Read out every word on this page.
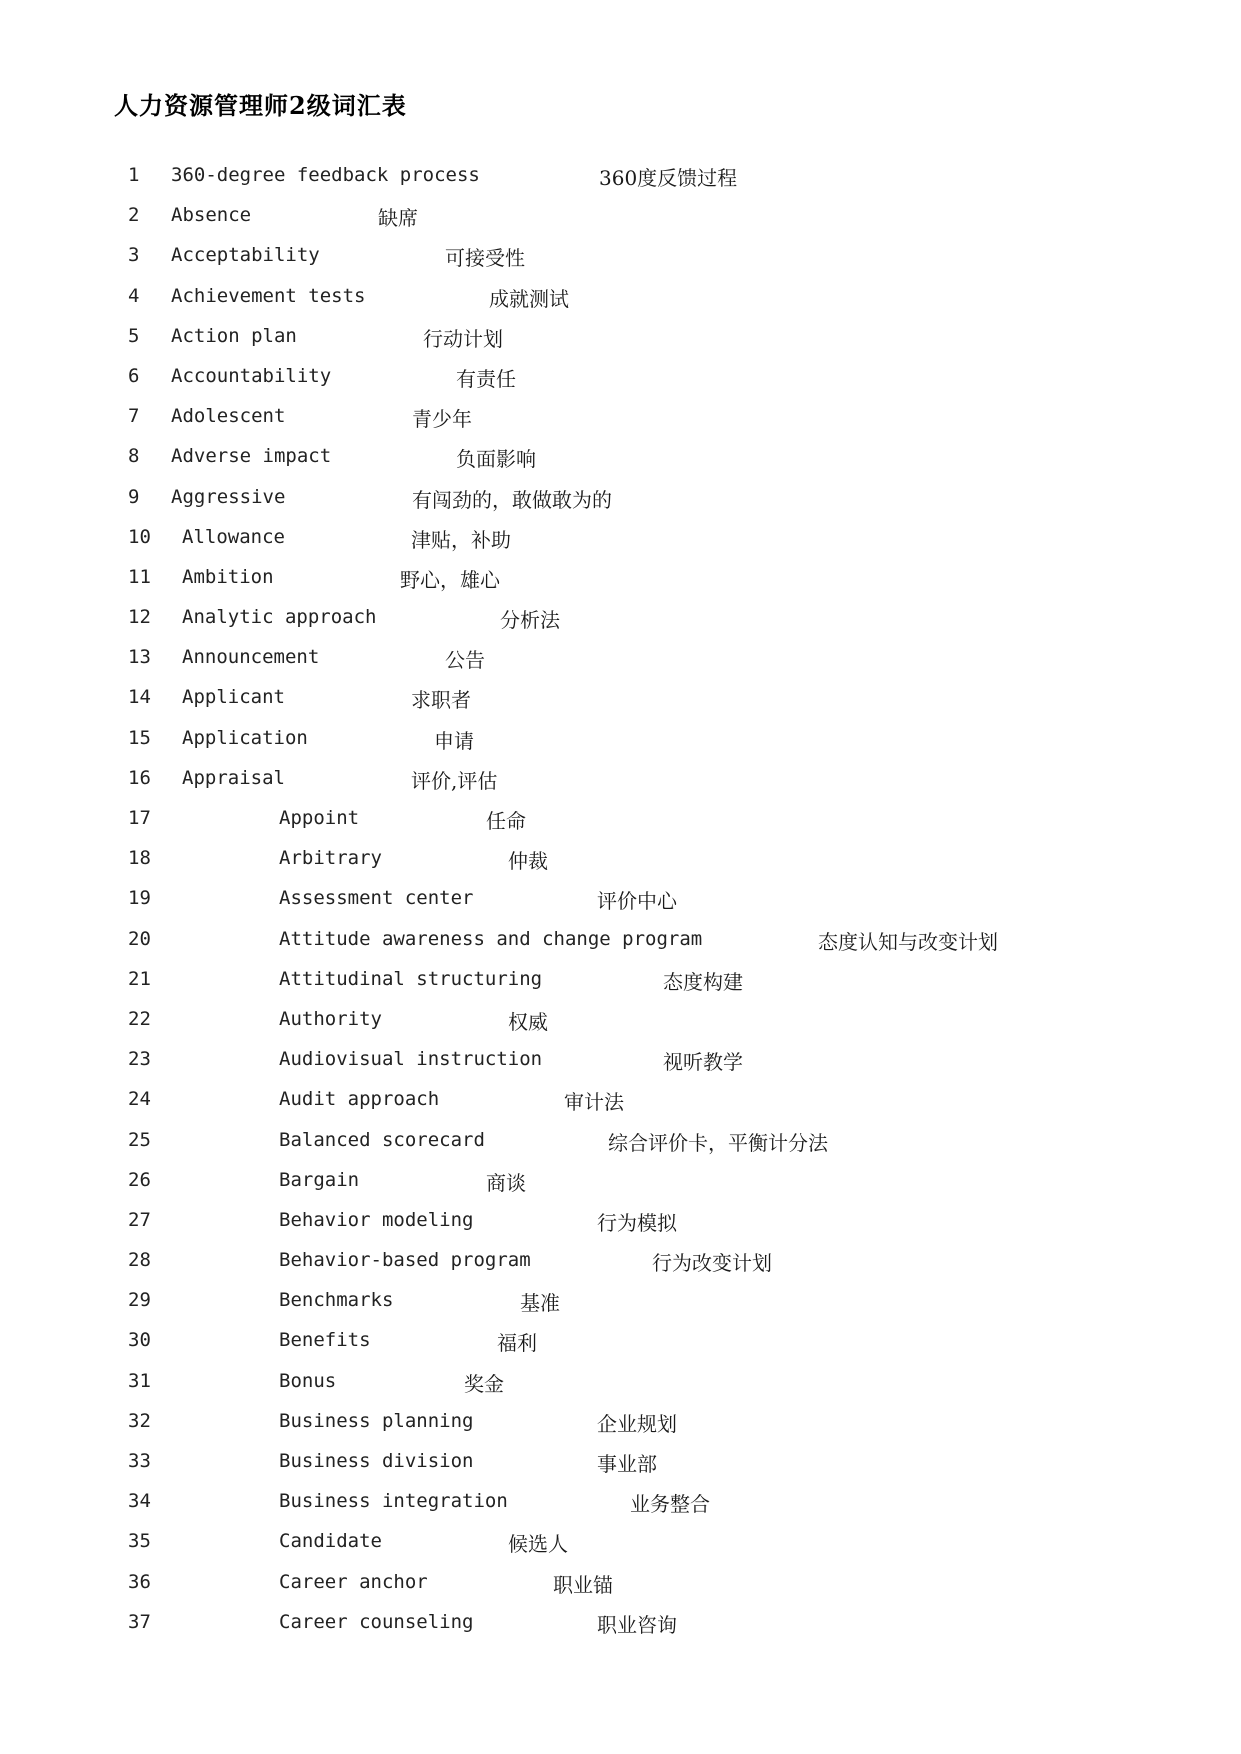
人力资源管理师2级词汇表
1 360-degree feedback process	360度反馈过程
2 Absence	缺席
3 Acceptability	可接受性
4 Achievement tests	成就测试
5 Action plan	行动计划
6 Accountability	有责任
7 Adolescent	青少年
8 Adverse impact	负面影响
9 Aggressive	有闯劲的，敢做敢为的
10 Allowance	津贴，补助
11 Ambition	野心，雄心
12 Analytic approach	分析法
13 Announcement	公告
14 Applicant	求职者
15 Application	申请
16 Appraisal	评价,评估
17	Appoint	任命
18	Arbitrary	仲裁
19	Assessment center	评价中心
20	Attitude awareness and change program	态度认知与改变计划
21	Attitudinal structuring	态度构建
22	Authority	权威
23	Audiovisual instruction	视听教学
24	Audit approach	审计法
25	Balanced scorecard	综合评价卡，平衡计分法
26	Bargain	商谈
27	Behavior modeling	行为模拟
28	Behavior-based program	行为改变计划
29	Benchmarks	基准
30	Benefits	福利
31	Bonus	奖金
32	Business planning	企业规划
33	Business division	事业部
34	Business integration	业务整合
35	Candidate	候选人
36	Career anchor	职业锚
37	Career counseling	职业咨询
